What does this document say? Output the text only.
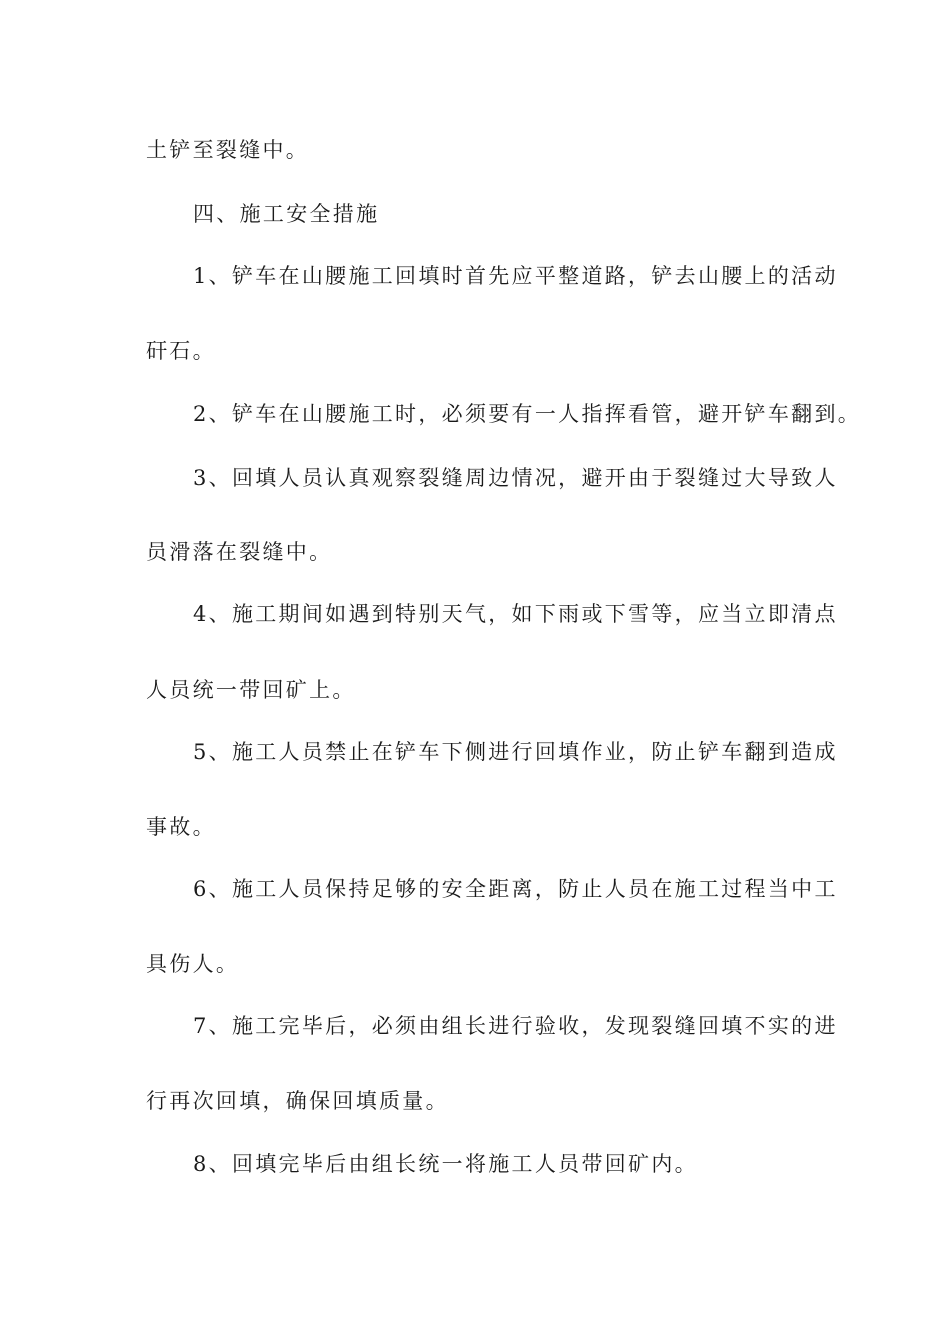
土铲至裂缝中。
四、施工安全措施
1、铲车在山腰施工回填时首先应平整道路，铲去山腰上的活动
矸石。
2、铲车在山腰施工时，必须要有一人指挥看管，避开铲车翻到。
3、回填人员认真观察裂缝周边情况，避开由于裂缝过大导致人
员滑落在裂缝中。
4、施工期间如遇到特别天气，如下雨或下雪等，应当立即清点
人员统一带回矿上。
5、施工人员禁止在铲车下侧进行回填作业，防止铲车翻到造成
事故。
6、施工人员保持足够的安全距离，防止人员在施工过程当中工
具伤人。
7、施工完毕后，必须由组长进行验收，发现裂缝回填不实的进
行再次回填，确保回填质量。
8、回填完毕后由组长统一将施工人员带回矿内。
